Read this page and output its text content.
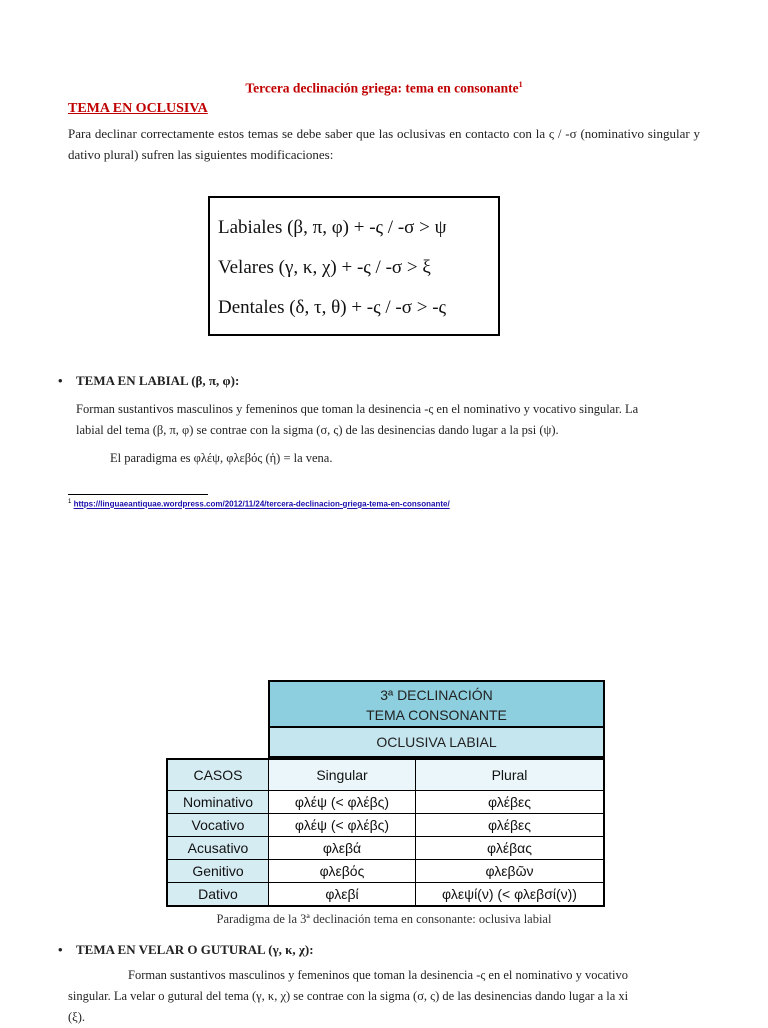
Tercera declinación griega: tema en consonante$^1$
TEMA EN OCLUSIVA
Para declinar correctamente estos temas se debe saber que las oclusivas en contacto con la ς / -σ (nominativo singular y dativo plural) sufren las siguientes modificaciones:
Labiales (β, π, φ) + -ς / -σ > ψ
Velares (γ, κ, χ) + -ς / -σ > ξ
Dentales (δ, τ, θ) + -ς / -σ > -ς
• TEMA EN LABIAL (β, π, φ):
Forman sustantivos masculinos y femeninos que toman la desinencia -ς en el nominativo y vocativo singular. La
labial del tema (β, π, φ) se contrae con la sigma (σ, ς) de las desinencias dando lugar a la psi (ψ).
El paradigma es φλέψ, φλεβός (ἡ) = la vena.
$^1$ https://linguaeantiquae.wordpress.com/2012/11/24/tercera-declinacion-griega-tema-en-consonante/
3ª DECLINACIÓN
TEMA CONSONANTE
OCLUSIVA LABIAL
CASOS	Singular	Plural
Nominativo	φλέψ (< φλέβς)	φλέβες
Vocativo	φλέψ (< φλέβς)	φλέβες
Acusativo	φλεβά	φλέβας
Genitivo	φλεβός	φλεβῶν
Dativo	φλεβί	φλεψί(ν) (< φλεβσί(ν))
Paradigma de la 3ª declinación tema en consonante: oclusiva labial
• TEMA EN VELAR O GUTURAL (γ, κ, χ):
Forman sustantivos masculinos y femeninos que toman la desinencia -ς en el nominativo y vocativo
singular. La velar o gutural del tema (γ, κ, χ) se contrae con la sigma (σ, ς) de las desinencias dando lugar a la xi
(ξ).
